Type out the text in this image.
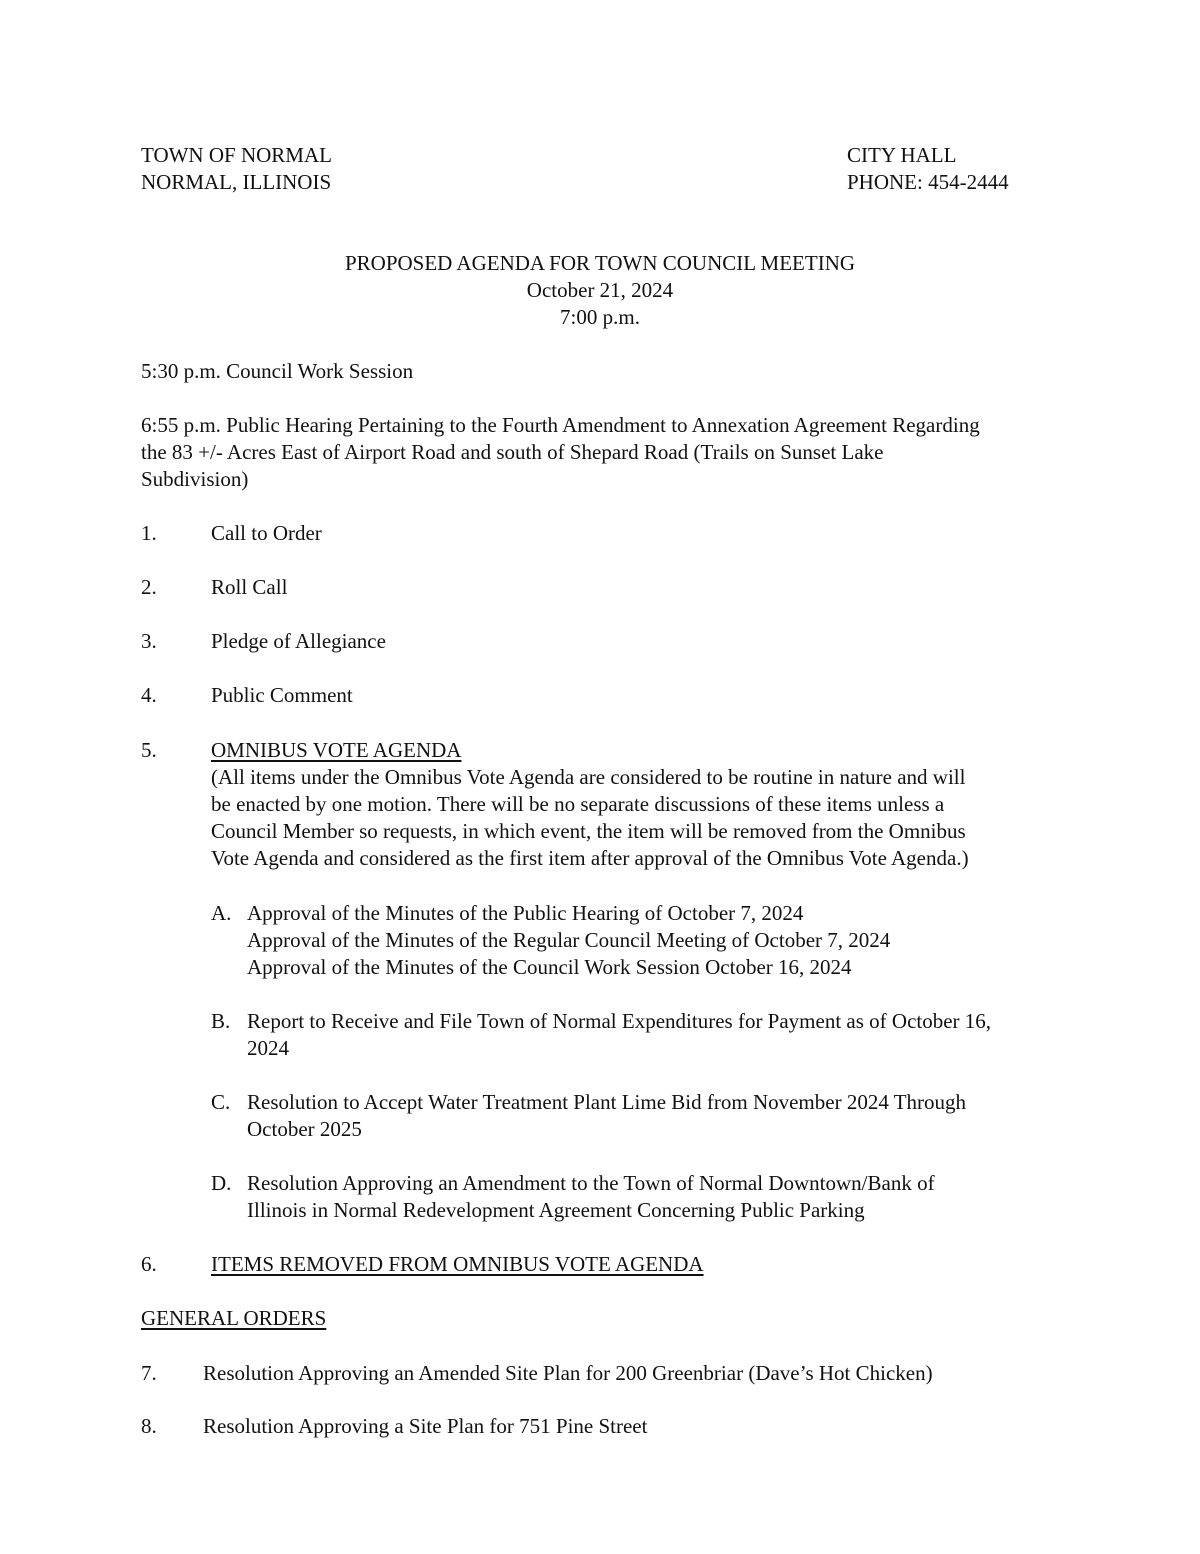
TOWN OF NORMAL
NORMAL, ILLINOIS
CITY HALL
PHONE: 454-2444
PROPOSED AGENDA FOR TOWN COUNCIL MEETING
October 21, 2024
7:00 p.m.
5:30 p.m. Council Work Session
6:55 p.m. Public Hearing Pertaining to the Fourth Amendment to Annexation Agreement Regarding
the 83 +/- Acres East of Airport Road and south of Shepard Road (Trails on Sunset Lake
Subdivision)
1.	Call to Order
2.	Roll Call
3.	Pledge of Allegiance
4.	Public Comment
5.	OMNIBUS VOTE AGENDA
(All items under the Omnibus Vote Agenda are considered to be routine in nature and will
be enacted by one motion. There will be no separate discussions of these items unless a
Council Member so requests, in which event, the item will be removed from the Omnibus
Vote Agenda and considered as the first item after approval of the Omnibus Vote Agenda.)
A. Approval of the Minutes of the Public Hearing of October 7, 2024
Approval of the Minutes of the Regular Council Meeting of October 7, 2024
Approval of the Minutes of the Council Work Session October 16, 2024
B. Report to Receive and File Town of Normal Expenditures for Payment as of October 16,
2024
C. Resolution to Accept Water Treatment Plant Lime Bid from November 2024 Through
October 2025
D. Resolution Approving an Amendment to the Town of Normal Downtown/Bank of
Illinois in Normal Redevelopment Agreement Concerning Public Parking
6.	ITEMS REMOVED FROM OMNIBUS VOTE AGENDA
GENERAL ORDERS
7. Resolution Approving an Amended Site Plan for 200 Greenbriar (Dave’s Hot Chicken)
8. Resolution Approving a Site Plan for 751 Pine Street
